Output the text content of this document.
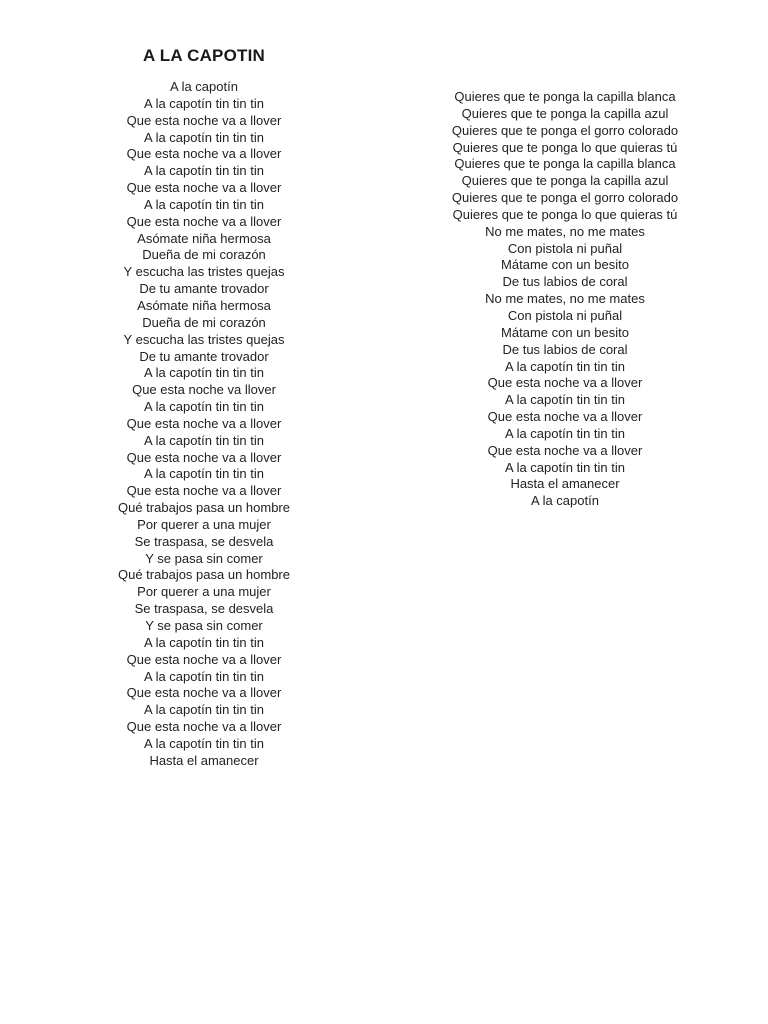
A LA CAPOTIN
A la capotín
A la capotín tin tin tin
Que esta noche va a llover
A la capotín tin tin tin
Que esta noche va a llover
A la capotín tin tin tin
Que esta noche va a llover
A la capotín tin tin tin
Que esta noche va a llover
Asómate niña hermosa
Dueña de mi corazón
Y escucha las tristes quejas
De tu amante trovador
Asómate niña hermosa
Dueña de mi corazón
Y escucha las tristes quejas
De tu amante trovador
A la capotín tin tin tin
Que esta noche va llover
A la capotín tin tin tin
Que esta noche va a llover
A la capotín tin tin tin
Que esta noche va a llover
A la capotín tin tin tin
Que esta noche va a llover
Qué trabajos pasa un hombre
Por querer a una mujer
Se traspasa, se desvela
Y se pasa sin comer
Qué trabajos pasa un hombre
Por querer a una mujer
Se traspasa, se desvela
Y se pasa sin comer
A la capotín tin tin tin
Que esta noche va a llover
A la capotín tin tin tin
Que esta noche va a llover
A la capotín tin tin tin
Que esta noche va a llover
A la capotín tin tin tin
Hasta el amanecer
Quieres que te ponga la capilla blanca
Quieres que te ponga la capilla azul
Quieres que te ponga el gorro colorado
Quieres que te ponga lo que quieras tú
Quieres que te ponga la capilla blanca
Quieres que te ponga la capilla azul
Quieres que te ponga el gorro colorado
Quieres que te ponga lo que quieras tú
No me mates, no me mates
Con pistola ni puñal
Mátame con un besito
De tus labios de coral
No me mates, no me mates
Con pistola ni puñal
Mátame con un besito
De tus labios de coral
A la capotín tin tin tin
Que esta noche va a llover
A la capotín tin tin tin
Que esta noche va a llover
A la capotín tin tin tin
Que esta noche va a llover
A la capotín tin tin tin
Hasta el amanecer
A la capotín
